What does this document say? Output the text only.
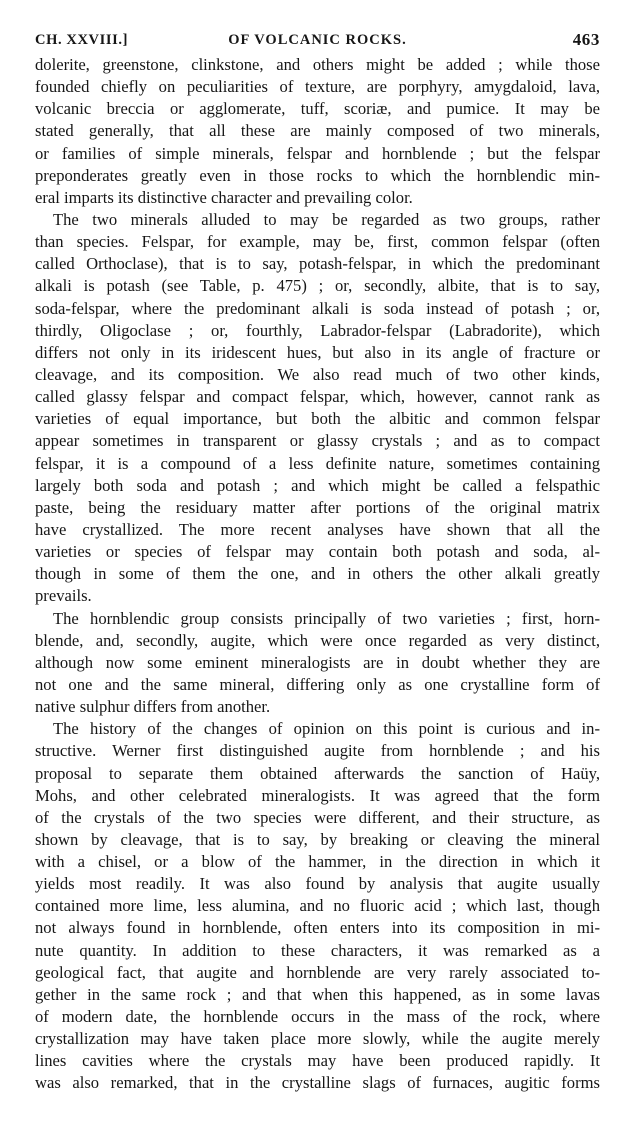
CH. XXVIII.]	OF VOLCANIC ROCKS.	463
dolerite, greenstone, clinkstone, and others might be added ; while those
founded chiefly on peculiarities of texture, are porphyry, amygdaloid, lava,
volcanic breccia or agglomerate, tuff, scoriæ, and pumice. It may be
stated generally, that all these are mainly composed of two minerals,
or families of simple minerals, felspar and hornblende ; but the felspar
preponderates greatly even in those rocks to which the hornblendic min-
eral imparts its distinctive character and prevailing color.
The two minerals alluded to may be regarded as two groups, rather
than species. Felspar, for example, may be, first, common felspar (often
called Orthoclase), that is to say, potash-felspar, in which the predominant
alkali is potash (see Table, p. 475) ; or, secondly, albite, that is to say,
soda-felspar, where the predominant alkali is soda instead of potash ; or,
thirdly, Oligoclase ; or, fourthly, Labrador-felspar (Labradorite), which
differs not only in its iridescent hues, but also in its angle of fracture or
cleavage, and its composition. We also read much of two other kinds,
called glassy felspar and compact felspar, which, however, cannot rank as
varieties of equal importance, but both the albitic and common felspar
appear sometimes in transparent or glassy crystals ; and as to compact
felspar, it is a compound of a less definite nature, sometimes containing
largely both soda and potash ; and which might be called a felspathic
paste, being the residuary matter after portions of the original matrix
have crystallized. The more recent analyses have shown that all the
varieties or species of felspar may contain both potash and soda, al-
though in some of them the one, and in others the other alkali greatly
prevails.
The hornblendic group consists principally of two varieties ; first, horn-
blende, and, secondly, augite, which were once regarded as very distinct,
although now some eminent mineralogists are in doubt whether they are
not one and the same mineral, differing only as one crystalline form of
native sulphur differs from another.
The history of the changes of opinion on this point is curious and in-
structive. Werner first distinguished augite from hornblende ; and his
proposal to separate them obtained afterwards the sanction of Haüy,
Mohs, and other celebrated mineralogists. It was agreed that the form
of the crystals of the two species were different, and their structure, as
shown by cleavage, that is to say, by breaking or cleaving the mineral
with a chisel, or a blow of the hammer, in the direction in which it
yields most readily. It was also found by analysis that augite usually
contained more lime, less alumina, and no fluoric acid ; which last, though
not always found in hornblende, often enters into its composition in mi-
nute quantity. In addition to these characters, it was remarked as a
geological fact, that augite and hornblende are very rarely associated to-
gether in the same rock ; and that when this happened, as in some lavas
of modern date, the hornblende occurs in the mass of the rock, where
crystallization may have taken place more slowly, while the augite merely
lines cavities where the crystals may have been produced rapidly. It
was also remarked, that in the crystalline slags of furnaces, augitic forms
